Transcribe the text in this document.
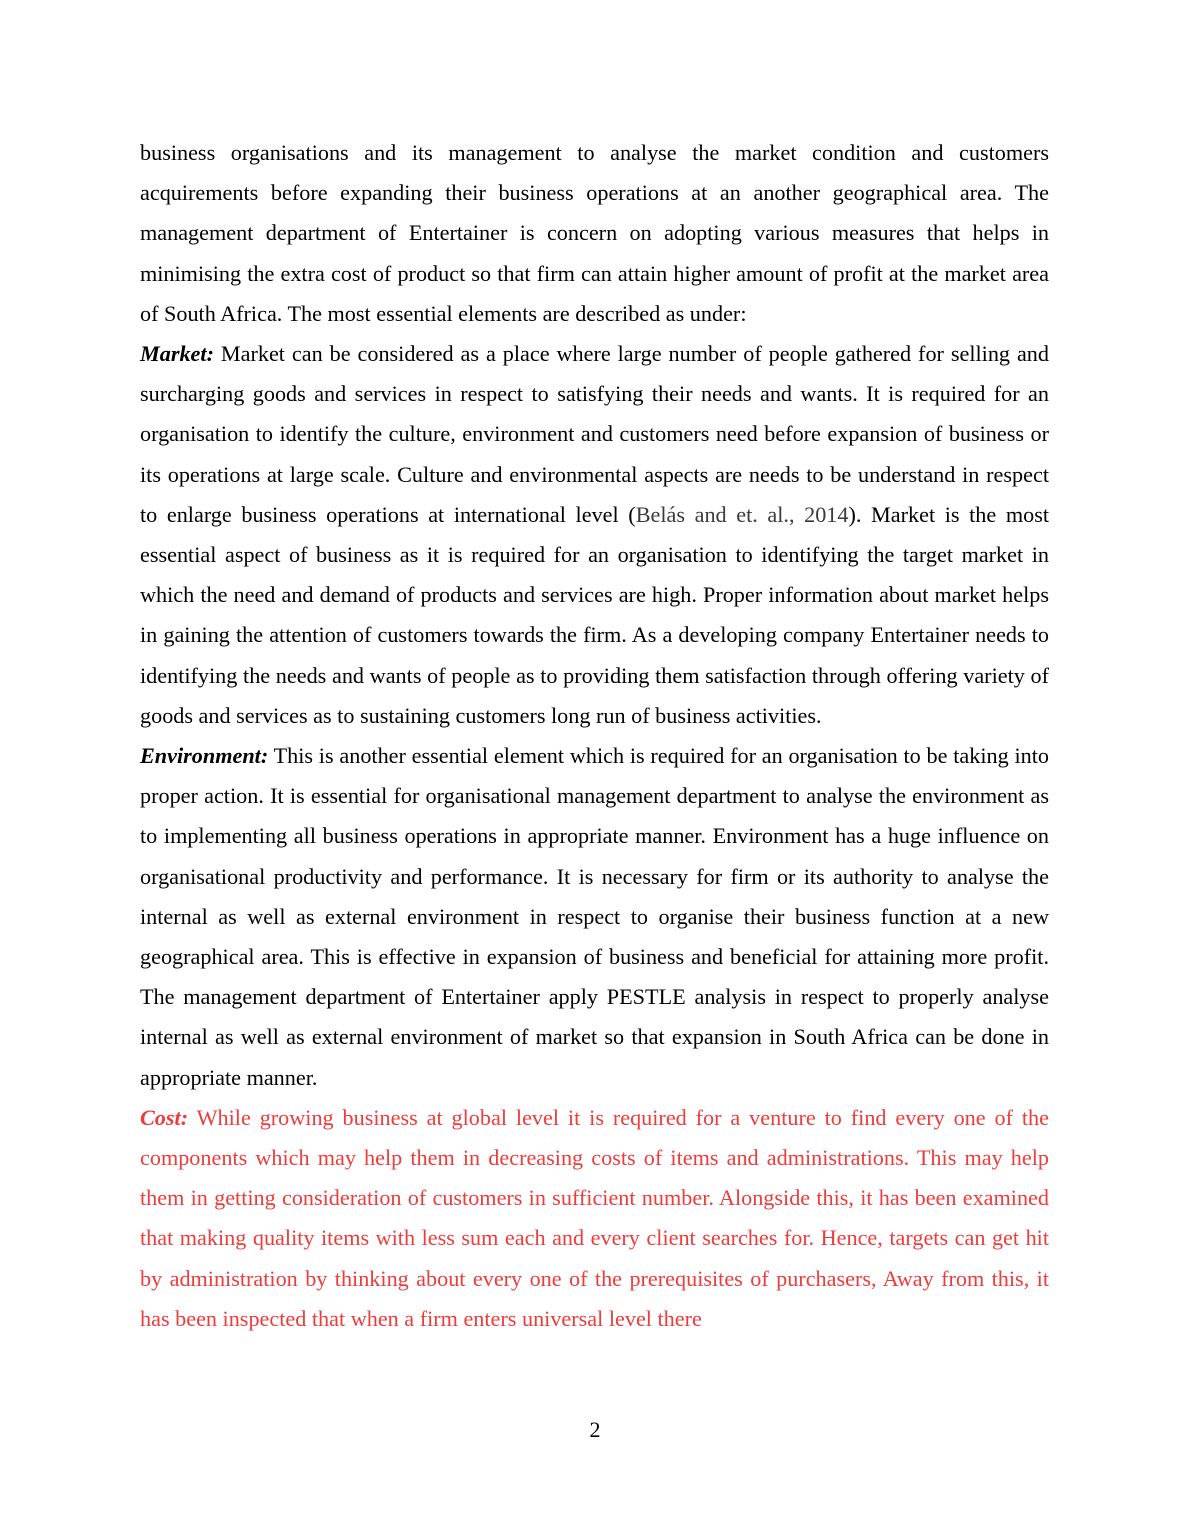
business organisations and its management to analyse the market condition and customers acquirements before expanding their business operations at an another geographical area. The management department of Entertainer is concern on adopting various measures that helps in minimising the extra cost of product so that firm can attain higher amount of profit at the market area of South Africa. The most essential elements are described as under:

Market: Market can be considered as a place where large number of people gathered for selling and surcharging goods and services in respect to satisfying their needs and wants. It is required for an organisation to identify the culture, environment and customers need before expansion of business or its operations at large scale. Culture and environmental aspects are needs to be understand in respect to enlarge business operations at international level (Belás and et. al., 2014). Market is the most essential aspect of business as it is required for an organisation to identifying the target market in which the need and demand of products and services are high. Proper information about market helps in gaining the attention of customers towards the firm. As a developing company Entertainer needs to identifying the needs and wants of people as to providing them satisfaction through offering variety of goods and services as to sustaining customers long run of business activities.

Environment: This is another essential element which is required for an organisation to be taking into proper action. It is essential for organisational management department to analyse the environment as to implementing all business operations in appropriate manner. Environment has a huge influence on organisational productivity and performance. It is necessary for firm or its authority to analyse the internal as well as external environment in respect to organise their business function at a new geographical area. This is effective in expansion of business and beneficial for attaining more profit. The management department of Entertainer apply PESTLE analysis in respect to properly analyse internal as well as external environment of market so that expansion in South Africa can be done in appropriate manner.

Cost: While growing business at global level it is required for a venture to find every one of the components which may help them in decreasing costs of items and administrations. This may help them in getting consideration of customers in sufficient number. Alongside this, it has been examined that making quality items with less sum each and every client searches for. Hence, targets can get hit by administration by thinking about every one of the prerequisites of purchasers, Away from this, it has been inspected that when a firm enters universal level there

2
